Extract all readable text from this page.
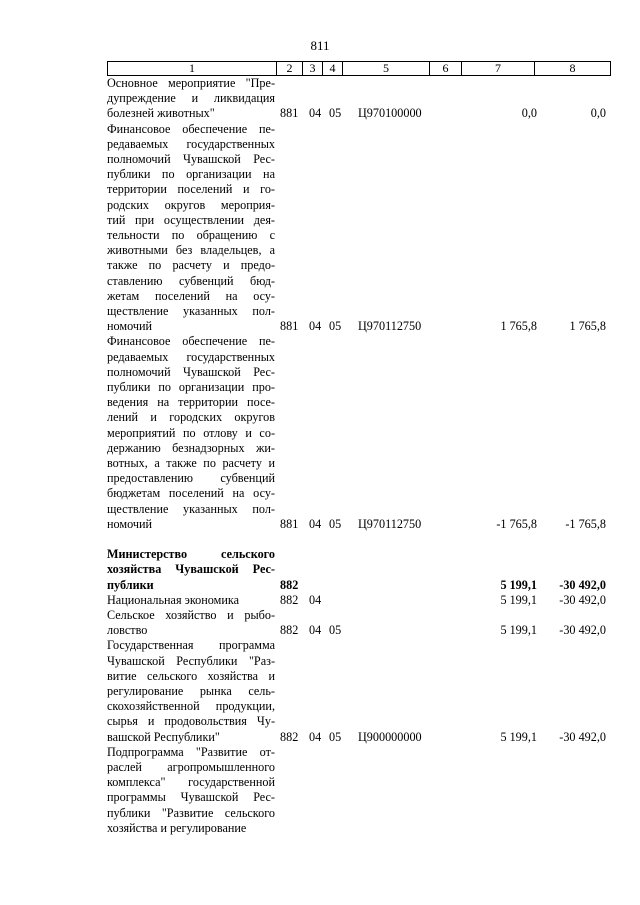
811
1	2	3	4	5	6	7	8
Основное мероприятие "Пре-
дупреждение и ликвидация
болезней животных"	881 04 05 Ц970100000	0,0	0,0
Финансовое обеспечение пе-
редаваемых государственных
полномочий Чувашской Рес-
публики по организации на
территории поселений и го-
родских округов мероприя-
тий при осуществлении дея-
тельности по обращению с
животными без владельцев, а
также по расчету и предо-
ставлению субвенций бюд-
жетам поселений на осу-
ществление указанных пол-
номочий	881 04 05 Ц970112750	1 765,8	1 765,8
Финансовое обеспечение пе-
редаваемых государственных
полномочий Чувашской Рес-
публики по организации про-
ведения на территории посе-
лений и городских округов
мероприятий по отлову и со-
держанию безнадзорных жи-
вотных, а также по расчету и
предоставлению субвенций
бюджетам поселений на осу-
ществление указанных пол-
номочий	881 04 05 Ц970112750	-1 765,8 -1 765,8
Министерство сельского
хозяйства Чувашской Рес-
публики	882	5 199,1 -30 492,0
Национальная экономика	882 04	5 199,1 -30 492,0
Сельское хозяйство и рыбо-
ловство	882 04 05	5 199,1 -30 492,0
Государственная программа
Чувашской Республики "Раз-
витие сельского хозяйства и
регулирование рынка сель-
скохозяйственной продукции,
сырья и продовольствия Чу-
вашской Республики"	882 04 05 Ц900000000	5 199,1 -30 492,0
Подпрограмма "Развитие от-
раслей агропромышленного
комплекса" государственной
программы Чувашской Рес-
публики "Развитие сельского
хозяйства и регулирование
